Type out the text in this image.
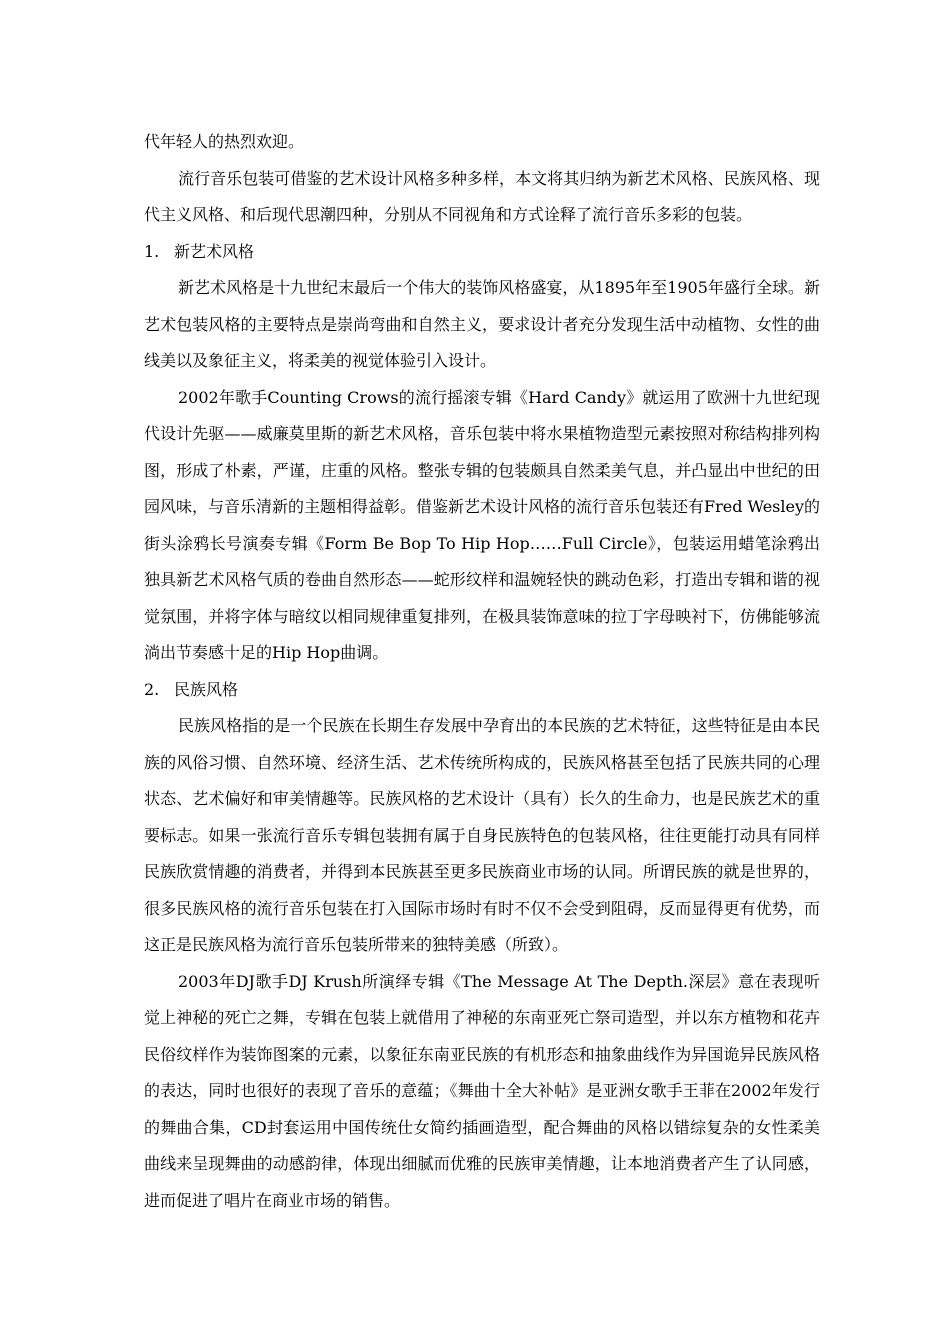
代年轻人的热烈欢迎。

流行音乐包装可借鉴的艺术设计风格多种多样，本文将其归纳为新艺术风格、民族风格、现代主义风格、和后现代思潮四种，分别从不同视角和方式诠释了流行音乐多彩的包装。

1. 新艺术风格

新艺术风格是十九世纪末最后一个伟大的装饰风格盛宴，从1895年至1905年盛行全球。新艺术包装风格的主要特点是崇尚弯曲和自然主义，要求设计者充分发现生活中动植物、女性的曲线美以及象征主义，将柔美的视觉体验引入设计。

2002年歌手Counting Crows的流行摇滚专辑《Hard Candy》就运用了欧洲十九世纪现代设计先驱——威廉莫里斯的新艺术风格，音乐包装中将水果植物造型元素按照对称结构排列构图，形成了朴素，严谨，庄重的风格。整张专辑的包装颇具自然柔美气息，并凸显出中世纪的田园风味，与音乐清新的主题相得益彰。借鉴新艺术设计风格的流行音乐包装还有Fred Wesley的街头涂鸦长号演奏专辑《Form Be Bop To Hip Hop……Full Circle》，包装运用蜡笔涂鸦出独具新艺术风格气质的卷曲自然形态——蛇形纹样和温婉轻快的跳动色彩，打造出专辑和谐的视觉氛围，并将字体与暗纹以相同规律重复排列，在极具装饰意味的拉丁字母映衬下，仿佛能够流淌出节奏感十足的Hip Hop曲调。

2. 民族风格

民族风格指的是一个民族在长期生存发展中孕育出的本民族的艺术特征，这些特征是由本民族的风俗习惯、自然环境、经济生活、艺术传统所构成的，民族风格甚至包括了民族共同的心理状态、艺术偏好和审美情趣等。民族风格的艺术设计（具有）长久的生命力，也是民族艺术的重要标志。如果一张流行音乐专辑包装拥有属于自身民族特色的包装风格，往往更能打动具有同样民族欣赏情趣的消费者，并得到本民族甚至更多民族商业市场的认同。所谓民族的就是世界的，很多民族风格的流行音乐包装在打入国际市场时有时不仅不会受到阻碍，反而显得更有优势，而这正是民族风格为流行音乐包装所带来的独特美感（所致）。

2003年DJ歌手DJ Krush所演绎专辑《The Message At The Depth.深层》意在表现听觉上神秘的死亡之舞，专辑在包装上就借用了神秘的东南亚死亡祭司造型，并以东方植物和花卉民俗纹样作为装饰图案的元素，以象征东南亚民族的有机形态和抽象曲线作为异国诡异民族风格的表达，同时也很好的表现了音乐的意蕴；《舞曲十全大补帖》是亚洲女歌手王菲在2002年发行的舞曲合集，CD封套运用中国传统仕女简约插画造型，配合舞曲的风格以错综复杂的女性柔美曲线来呈现舞曲的动感韵律，体现出细腻而优雅的民族审美情趣，让本地消费者产生了认同感，进而促进了唱片在商业市场的销售。
